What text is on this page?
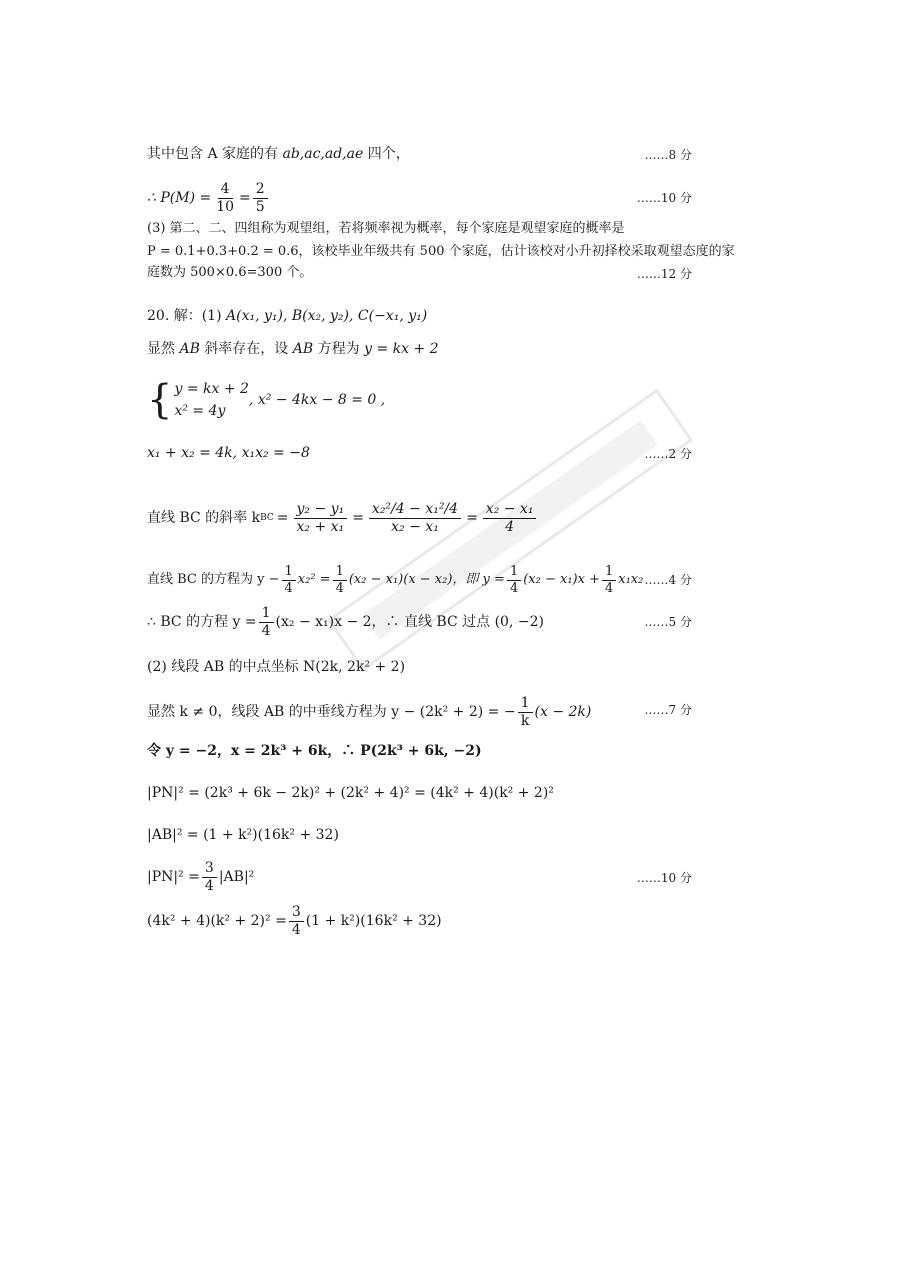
其中包含 A 家庭的有 ab,ac,ad,ae 四个，	……8 分
∴ $P(M) = \frac{4}{10} = \frac{2}{5}$	……10 分
(3) 第二、二、四组称为观望组，若将频率视为概率，每个家庭是观望家庭的概率是
P = 0.1+0.3+0.2 = 0.6，该校毕业年级共有 500 个家庭，估计该校对小升初择校采取观望态度的家
庭数为 500×0.6=300 个。	……12 分
20. 解：(1) A(x₁, y₁), B(x₂, y₂), C(−x₁, y₁)
显然 AB 斜率存在，设 AB 方程为 y = kx + 2
{ y = kx + 2
x² = 4y
, x² − 4kx − 8 = 0 ,
x₁ + x₂ = 4k, x₁x₂ = −8	……2 分
直线 BC 的斜率 k BC = $\frac{\text{y₂ − y₁}}{\text{x₂ + x₁}} = \frac{\text{x₂²/4 − x₁²/4}}{\text{x₂ − x₁}} = \frac{\text{x₂ − x₁}}{4}$
直线 BC 的方程为 $y - \frac{1}{4} x_2^2 = \frac{1}{4} (x_2 - x_1)(x - x_2)$，即 $y = \frac{1}{4} (x_2 - x_1)x + \frac{1}{4} x_1x_2$ ……4 分
∴ BC 的方程 $y = \frac{1}{4} (x_2 - x_1)x - 2$，∴ 直线 BC 过点 (0, −2)	……5 分
(2) 线段 AB 的中点坐标 N(2k, 2k² + 2)
显然 k ≠ 0，线段 AB 的中垂线方程为 y − (2k² + 2) = − $\frac{1}{k} (x - 2k)$	……7 分
令 y = −2，x = 2k³ + 6k，∴ P(2k³ + 6k, −2)
|PN|² = (2k³ + 6k − 2k)² + (2k² + 4)² = (4k² + 4)(k² + 2)²
|AB|² = (1 + k²)(16k² + 32)
$|PN|^2 = \frac{3}{4} |AB|^2$	……10 分
$(4k^2 + 4)(k^2 + 2)^2 = \frac{3}{4} (1 + k^2)(16k^2 + 32)$
